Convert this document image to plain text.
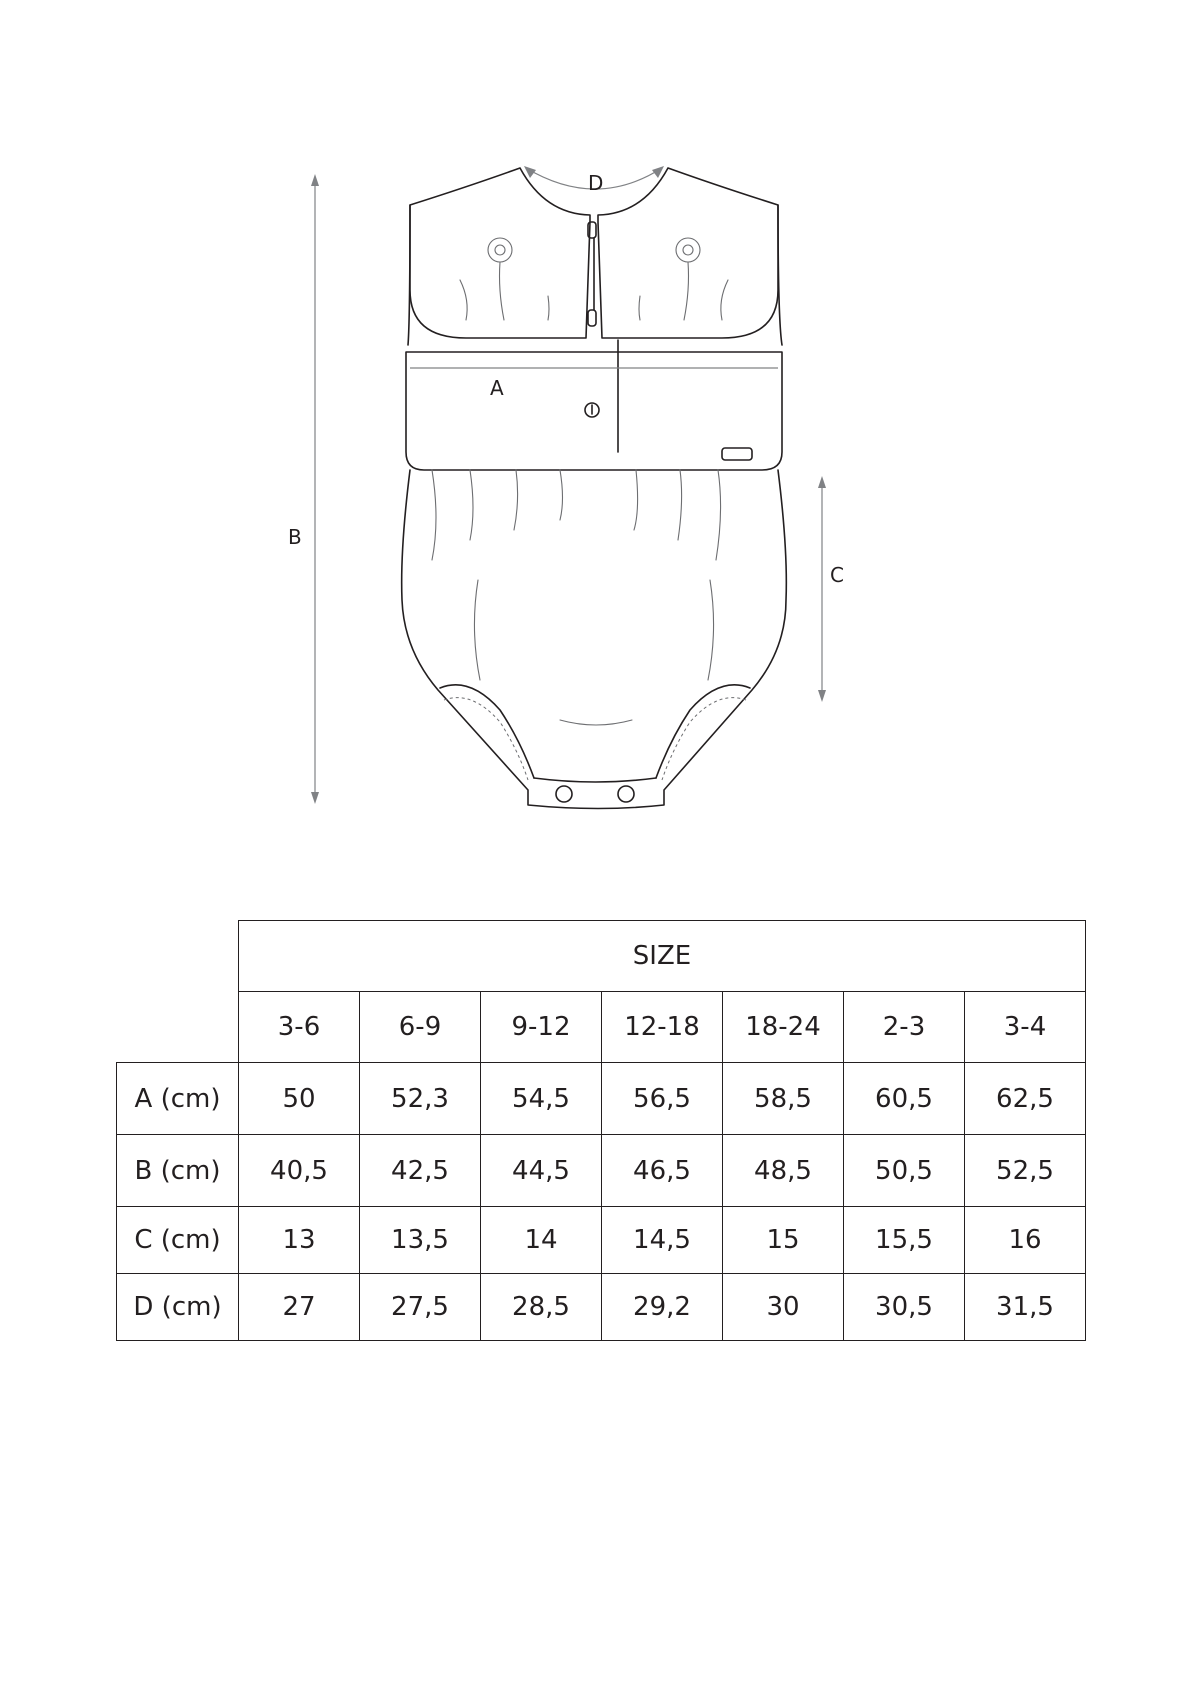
B
C
D
A
	SIZE						
	3-6	6-9	9-12	12-18	18-24	2-3	3-4
A (cm)	50	52,3	54,5	56,5	58,5	60,5	62,5
B (cm)	40,5	42,5	44,5	46,5	48,5	50,5	52,5
C (cm)	13	13,5	14	14,5	15	15,5	16
D (cm)	27	27,5	28,5	29,2	30	30,5	31,5
